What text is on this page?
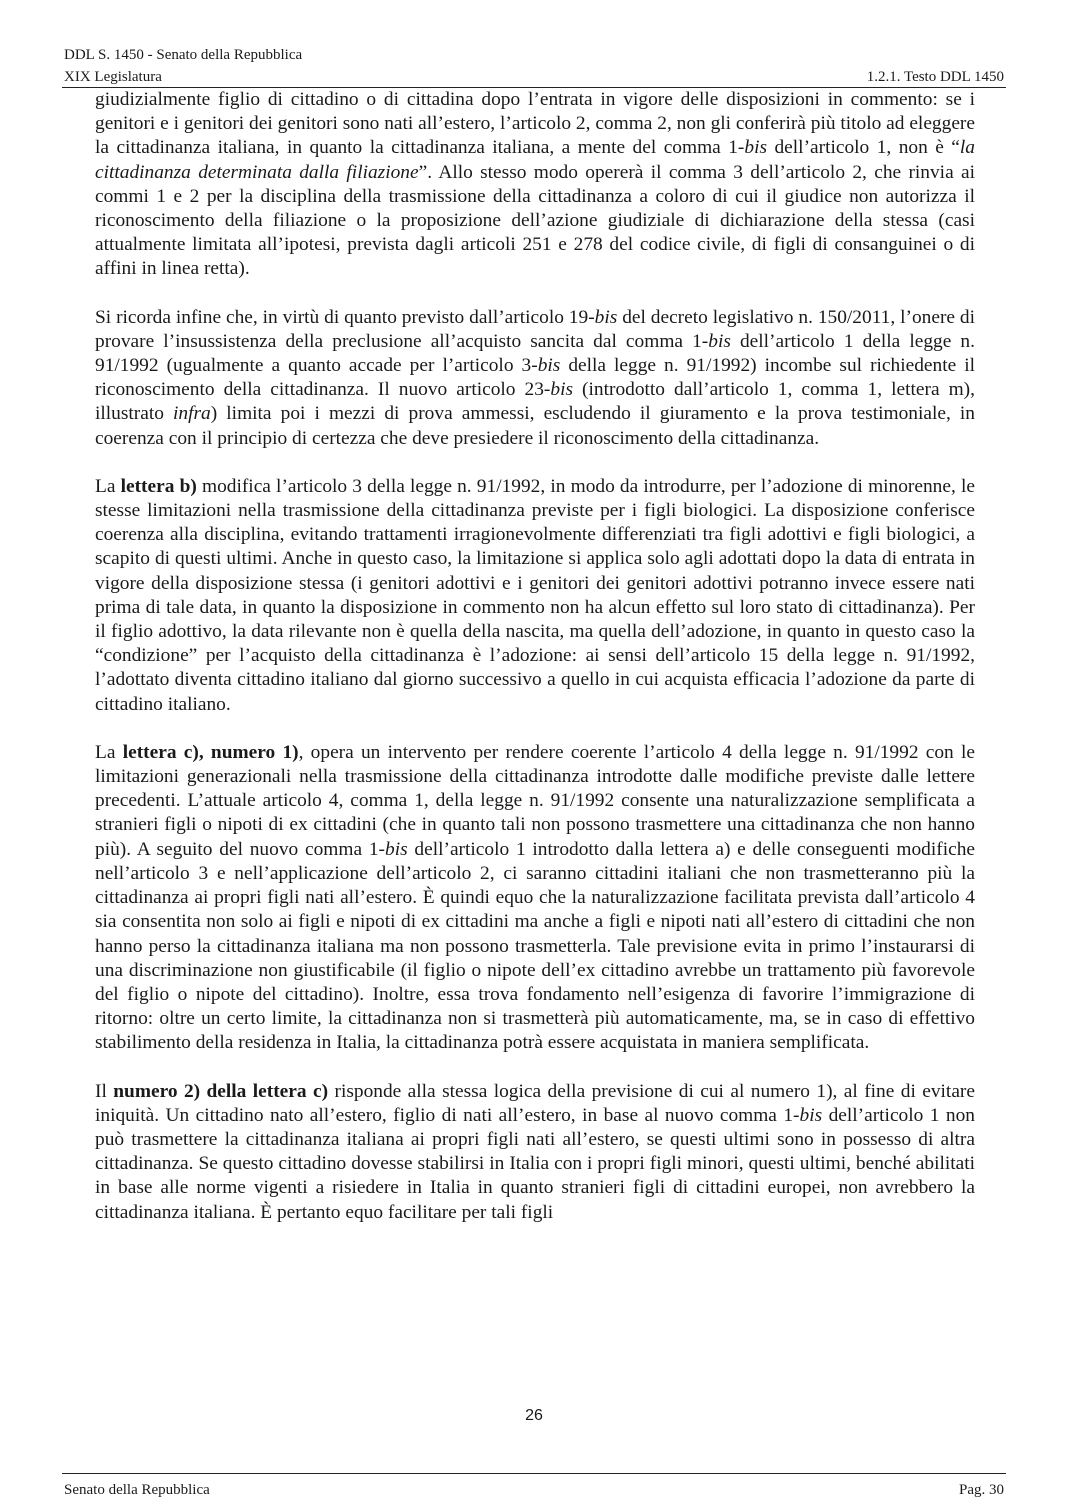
DDL S. 1450 - Senato della Repubblica
XIX Legislatura	1.2.1. Testo DDL 1450

giudizialmente figlio di cittadino o di cittadina dopo l’entrata in vigore delle disposizioni in commento: se i genitori e i genitori dei genitori sono nati all’estero, l’articolo 2, comma 2, non gli conferirà più titolo ad eleggere la cittadinanza italiana, in quanto la cittadinanza italiana, a mente del comma 1-bis dell’articolo 1, non è “la cittadinanza determinata dalla filiazione”. Allo stesso modo opererà il comma 3 dell’articolo 2, che rinvia ai commi 1 e 2 per la disciplina della trasmissione della cittadinanza a coloro di cui il giudice non autorizza il riconoscimento della filiazione o la proposizione dell’azione giudiziale di dichiarazione della stessa (casi attualmente limitata all’ipotesi, prevista dagli articoli 251 e 278 del codice civile, di figli di consanguinei o di affini in linea retta).

Si ricorda infine che, in virtù di quanto previsto dall’articolo 19-bis del decreto legislativo n. 150/2011, l’onere di provare l’insussistenza della preclusione all’acquisto sancita dal comma 1-bis dell’articolo 1 della legge n. 91/1992 (ugualmente a quanto accade per l’articolo 3-bis della legge n. 91/1992) incombe sul richiedente il riconoscimento della cittadinanza. Il nuovo articolo 23-bis (introdotto dall’articolo 1, comma 1, lettera m), illustrato infra) limita poi i mezzi di prova ammessi, escludendo il giuramento e la prova testimoniale, in coerenza con il principio di certezza che deve presiedere il riconoscimento della cittadinanza.

La lettera b) modifica l’articolo 3 della legge n. 91/1992, in modo da introdurre, per l’adozione di minorenne, le stesse limitazioni nella trasmissione della cittadinanza previste per i figli biologici. La disposizione conferisce coerenza alla disciplina, evitando trattamenti irragionevolmente differenziati tra figli adottivi e figli biologici, a scapito di questi ultimi. Anche in questo caso, la limitazione si applica solo agli adottati dopo la data di entrata in vigore della disposizione stessa (i genitori adottivi e i genitori dei genitori adottivi potranno invece essere nati prima di tale data, in quanto la disposizione in commento non ha alcun effetto sul loro stato di cittadinanza). Per il figlio adottivo, la data rilevante non è quella della nascita, ma quella dell’adozione, in quanto in questo caso la “condizione” per l’acquisto della cittadinanza è l’adozione: ai sensi dell’articolo 15 della legge n. 91/1992, l’adottato diventa cittadino italiano dal giorno successivo a quello in cui acquista efficacia l’adozione da parte di cittadino italiano.

La lettera c), numero 1), opera un intervento per rendere coerente l’articolo 4 della legge n. 91/1992 con le limitazioni generazionali nella trasmissione della cittadinanza introdotte dalle modifiche previste dalle lettere precedenti. L’attuale articolo 4, comma 1, della legge n. 91/1992 consente una naturalizzazione semplificata a stranieri figli o nipoti di ex cittadini (che in quanto tali non possono trasmettere una cittadinanza che non hanno più). A seguito del nuovo comma 1-bis dell’articolo 1 introdotto dalla lettera a) e delle conseguenti modifiche nell’articolo 3 e nell’applicazione dell’articolo 2, ci saranno cittadini italiani che non trasmetteranno più la cittadinanza ai propri figli nati all’estero. È quindi equo che la naturalizzazione facilitata prevista dall’articolo 4 sia consentita non solo ai figli e nipoti di ex cittadini ma anche a figli e nipoti nati all’estero di cittadini che non hanno perso la cittadinanza italiana ma non possono trasmetterla. Tale previsione evita in primo l’instaurarsi di una discriminazione non giustificabile (il figlio o nipote dell’ex cittadino avrebbe un trattamento più favorevole del figlio o nipote del cittadino). Inoltre, essa trova fondamento nell’esigenza di favorire l’immigrazione di ritorno: oltre un certo limite, la cittadinanza non si trasmetterà più automaticamente, ma, se in caso di effettivo stabilimento della residenza in Italia, la cittadinanza potrà essere acquistata in maniera semplificata.

Il numero 2) della lettera c) risponde alla stessa logica della previsione di cui al numero 1), al fine di evitare iniquità. Un cittadino nato all’estero, figlio di nati all’estero, in base al nuovo comma 1-bis dell’articolo 1 non può trasmettere la cittadinanza italiana ai propri figli nati all’estero, se questi ultimi sono in possesso di altra cittadinanza. Se questo cittadino dovesse stabilirsi in Italia con i propri figli minori, questi ultimi, benché abilitati in base alle norme vigenti a risiedere in Italia in quanto stranieri figli di cittadini europei, non avrebbero la cittadinanza italiana. È pertanto equo facilitare per tali figli

26
Senato della Repubblica	Pag. 30
